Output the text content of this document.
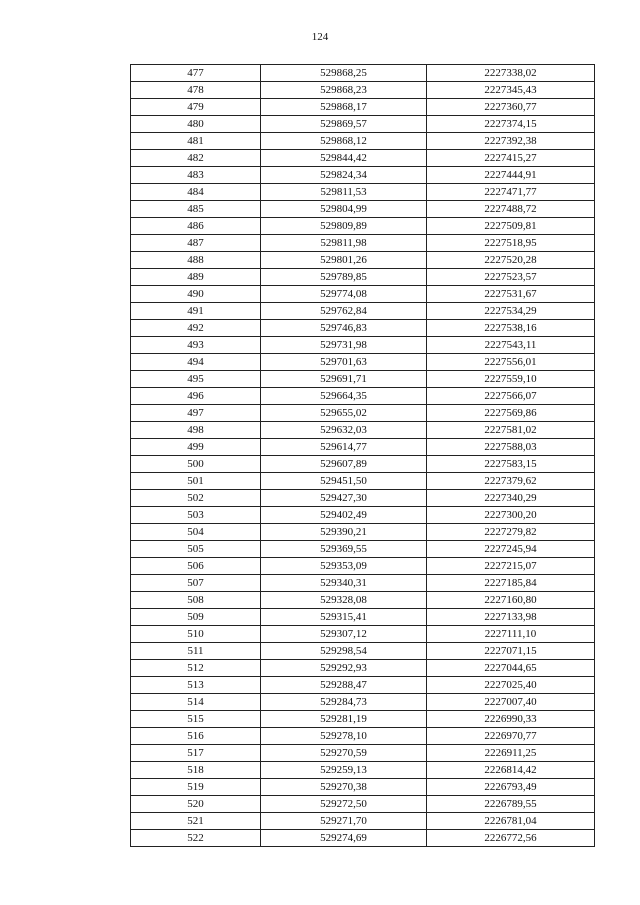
124
477	529868,25	2227338,02
478	529868,23	2227345,43
479	529868,17	2227360,77
480	529869,57	2227374,15
481	529868,12	2227392,38
482	529844,42	2227415,27
483	529824,34	2227444,91
484	529811,53	2227471,77
485	529804,99	2227488,72
486	529809,89	2227509,81
487	529811,98	2227518,95
488	529801,26	2227520,28
489	529789,85	2227523,57
490	529774,08	2227531,67
491	529762,84	2227534,29
492	529746,83	2227538,16
493	529731,98	2227543,11
494	529701,63	2227556,01
495	529691,71	2227559,10
496	529664,35	2227566,07
497	529655,02	2227569,86
498	529632,03	2227581,02
499	529614,77	2227588,03
500	529607,89	2227583,15
501	529451,50	2227379,62
502	529427,30	2227340,29
503	529402,49	2227300,20
504	529390,21	2227279,82
505	529369,55	2227245,94
506	529353,09	2227215,07
507	529340,31	2227185,84
508	529328,08	2227160,80
509	529315,41	2227133,98
510	529307,12	2227111,10
511	529298,54	2227071,15
512	529292,93	2227044,65
513	529288,47	2227025,40
514	529284,73	2227007,40
515	529281,19	2226990,33
516	529278,10	2226970,77
517	529270,59	2226911,25
518	529259,13	2226814,42
519	529270,38	2226793,49
520	529272,50	2226789,55
521	529271,70	2226781,04
522	529274,69	2226772,56
